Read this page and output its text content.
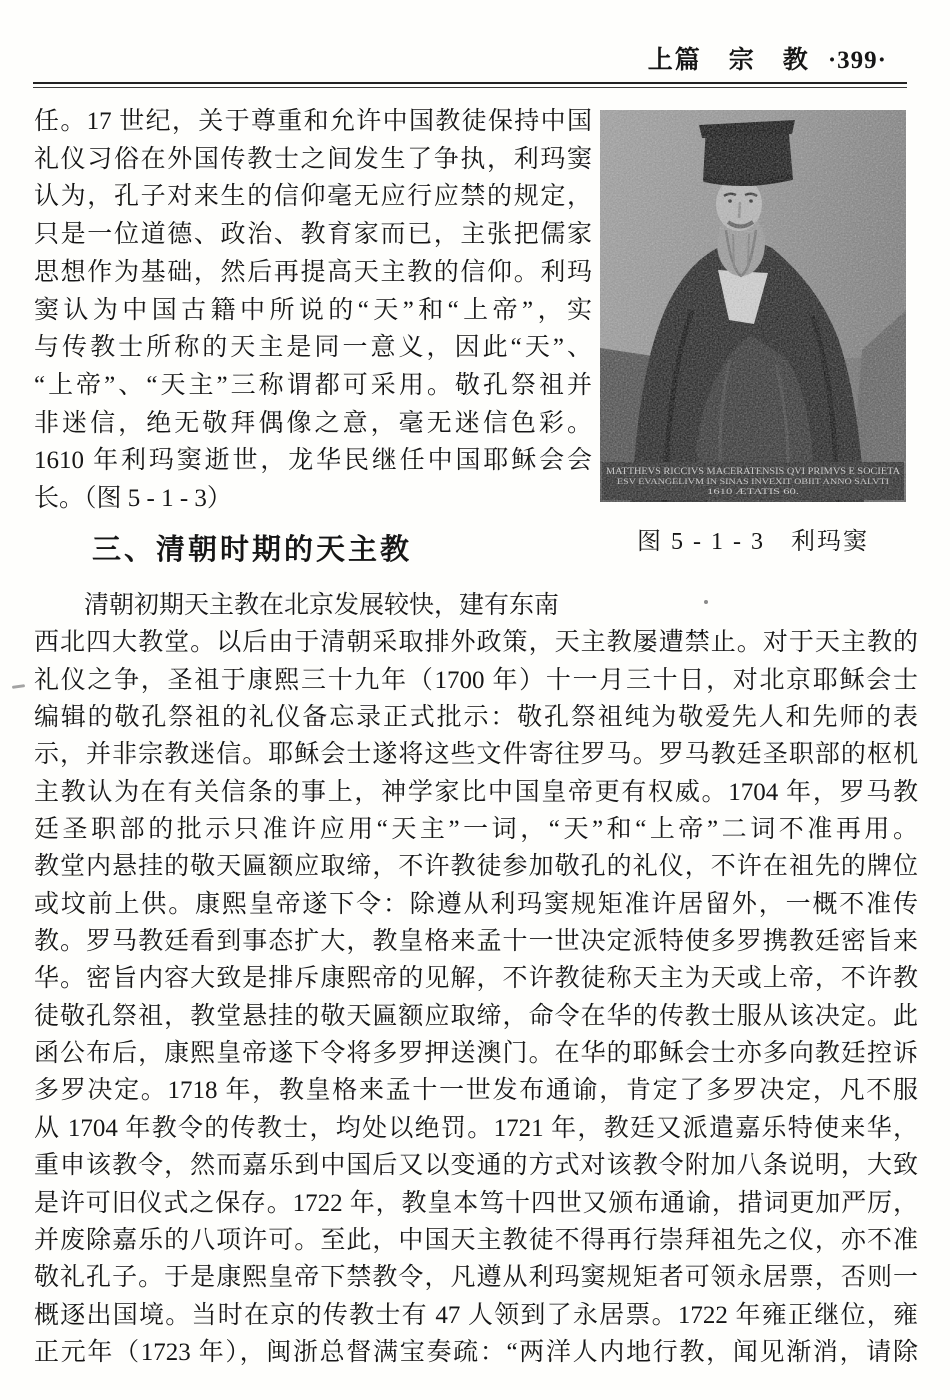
上篇　宗　教 ·399·
任。17 世纪，关于尊重和允许中国教徒保持中国
礼仪习俗在外国传教士之间发生了争执，利玛窦
认为，孔子对来生的信仰毫无应行应禁的规定，
只是一位道德、政治、教育家而已，主张把儒家
思想作为基础，然后再提高天主教的信仰。利玛
窦认为中国古籍中所说的“天”和“上帝”，实
与传教士所称的天主是同一意义，因此“天”、
“上帝”、“天主”三称谓都可采用。敬孔祭祖并
非迷信，绝无敬拜偶像之意，毫无迷信色彩。
1610 年利玛窦逝世，龙华民继任中国耶稣会会
长。（图 5 - 1 - 3）
图 5 - 1 - 3　利玛窦
三、清朝时期的天主教
　　清朝初期天主教在北京发展较快，建有东南
西北四大教堂。以后由于清朝采取排外政策，天主教屡遭禁止。对于天主教的
礼仪之争，圣祖于康熙三十九年（1700 年）十一月三十日，对北京耶稣会士
编辑的敬孔祭祖的礼仪备忘录正式批示：敬孔祭祖纯为敬爱先人和先师的表
示，并非宗教迷信。耶稣会士遂将这些文件寄往罗马。罗马教廷圣职部的枢机
主教认为在有关信条的事上，神学家比中国皇帝更有权威。1704 年，罗马教
廷圣职部的批示只准许应用“天主”一词，“天”和“上帝”二词不准再用。
教堂内悬挂的敬天匾额应取缔，不许教徒参加敬孔的礼仪，不许在祖先的牌位
或坟前上供。康熙皇帝遂下令：除遵从利玛窦规矩准许居留外，一概不准传
教。罗马教廷看到事态扩大，教皇格来孟十一世决定派特使多罗携教廷密旨来
华。密旨内容大致是排斥康熙帝的见解，不许教徒称天主为天或上帝，不许教
徒敬孔祭祖，教堂悬挂的敬天匾额应取缔，命令在华的传教士服从该决定。此
函公布后，康熙皇帝遂下令将多罗押送澳门。在华的耶稣会士亦多向教廷控诉
多罗决定。1718 年，教皇格来孟十一世发布通谕，肯定了多罗决定，凡不服
从 1704 年教令的传教士，均处以绝罚。1721 年，教廷又派遣嘉乐特使来华，
重申该教令，然而嘉乐到中国后又以变通的方式对该教令附加八条说明，大致
是许可旧仪式之保存。1722 年，教皇本笃十四世又颁布通谕，措词更加严厉，
并废除嘉乐的八项许可。至此，中国天主教徒不得再行崇拜祖先之仪，亦不准
敬礼孔子。于是康熙皇帝下禁教令，凡遵从利玛窦规矩者可领永居票，否则一
概逐出国境。当时在京的传教士有 47 人领到了永居票。1722 年雍正继位，雍
正元年（1723 年），闽浙总督满宝奏疏：“两洋人内地行教，闻见渐消，请除
